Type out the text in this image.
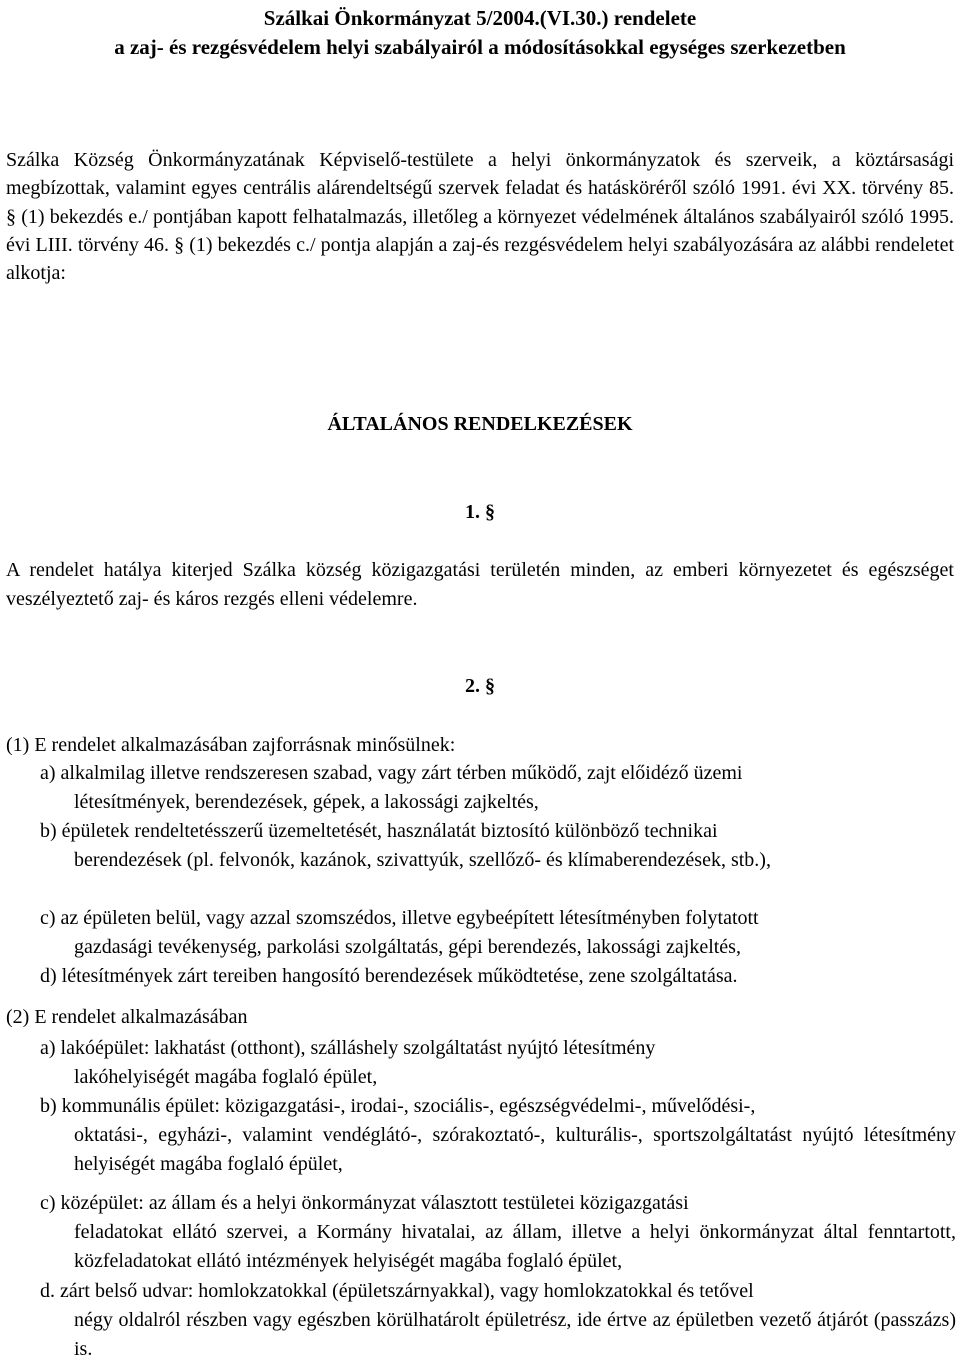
Szálkai Önkormányzat 5/2004.(VI.30.) rendelete
a zaj- és rezgésvédelem helyi szabályairól a módosításokkal egységes szerkezetben
Szálka Község Önkormányzatának Képviselő-testülete a helyi önkormányzatok és szerveik, a köztársasági megbízottak, valamint egyes centrális alárendeltségű szervek feladat és hatásköréről szóló 1991. évi XX. törvény 85. § (1) bekezdés e./ pontjában kapott felhatalmazás, illetőleg a környezet védelmének általános szabályairól szóló 1995. évi LIII. törvény 46. § (1) bekezdés c./ pontja alapján a zaj-és rezgésvédelem helyi szabályozására az alábbi rendeletet alkotja:
ÁLTALÁNOS RENDELKEZÉSEK
1. §
A rendelet hatálya kiterjed Szálka község közigazgatási területén minden, az emberi környezetet és egészséget veszélyeztető zaj- és káros rezgés elleni védelemre.
2. §
(1) E rendelet alkalmazásában zajforrásnak minősülnek:
a) alkalmilag illetve rendszeresen szabad, vagy zárt térben működő, zajt előidéző üzemi
létesítmények, berendezések, gépek, a lakossági zajkeltés,
b) épületek rendeltetésszerű üzemeltetését, használatát biztosító különböző technikai
berendezések (pl. felvonók, kazánok, szivattyúk, szellőző- és klímaberendezések, stb.),
c) az épületen belül, vagy azzal szomszédos, illetve egybeépített létesítményben folytatott
gazdasági tevékenység, parkolási szolgáltatás, gépi berendezés, lakossági zajkeltés,
d) létesítmények zárt tereiben hangosító berendezések működtetése, zene szolgáltatása.
(2) E rendelet alkalmazásában
a) lakóépület: lakhatást (otthont), szálláshely szolgáltatást nyújtó létesítmény
lakóhelyiségét magába foglaló épület,
b) kommunális épület: közigazgatási-, irodai-, szociális-, egészségvédelmi-, művelődési-,
oktatási-, egyházi-, valamint vendéglátó-, szórakoztató-, kulturális-, sportszolgáltatást nyújtó létesítmény helyiségét magába foglaló épület,
c) középület: az állam és a helyi önkormányzat választott testületei közigazgatási
feladatokat ellátó szervei, a Kormány hivatalai, az állam, illetve a helyi önkormányzat által fenntartott, közfeladatokat ellátó intézmények helyiségét magába foglaló épület,
d. zárt belső udvar: homlokzatokkal (épületszárnyakkal), vagy homlokzatokkal és tetővel
négy oldalról részben vagy egészben körülhatárolt épületrész, ide értve az épületben vezető átjárót (passzázs) is.
